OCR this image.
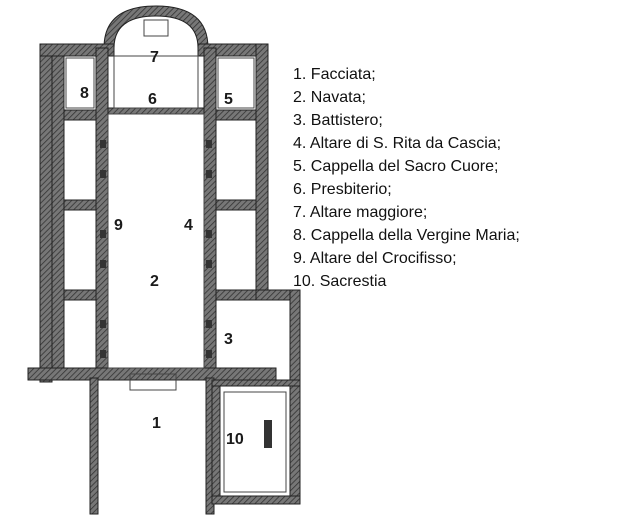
7
8	6	5
9	4
2
3
1
10
1. Facciata;
2. Navata;
3. Battistero;
4. Altare di S. Rita da Cascia;
5. Cappella del Sacro Cuore;
6. Presbiterio;
7. Altare maggiore;
8. Cappella della Vergine Maria;
9. Altare del Crocifisso;
10. Sacrestia
